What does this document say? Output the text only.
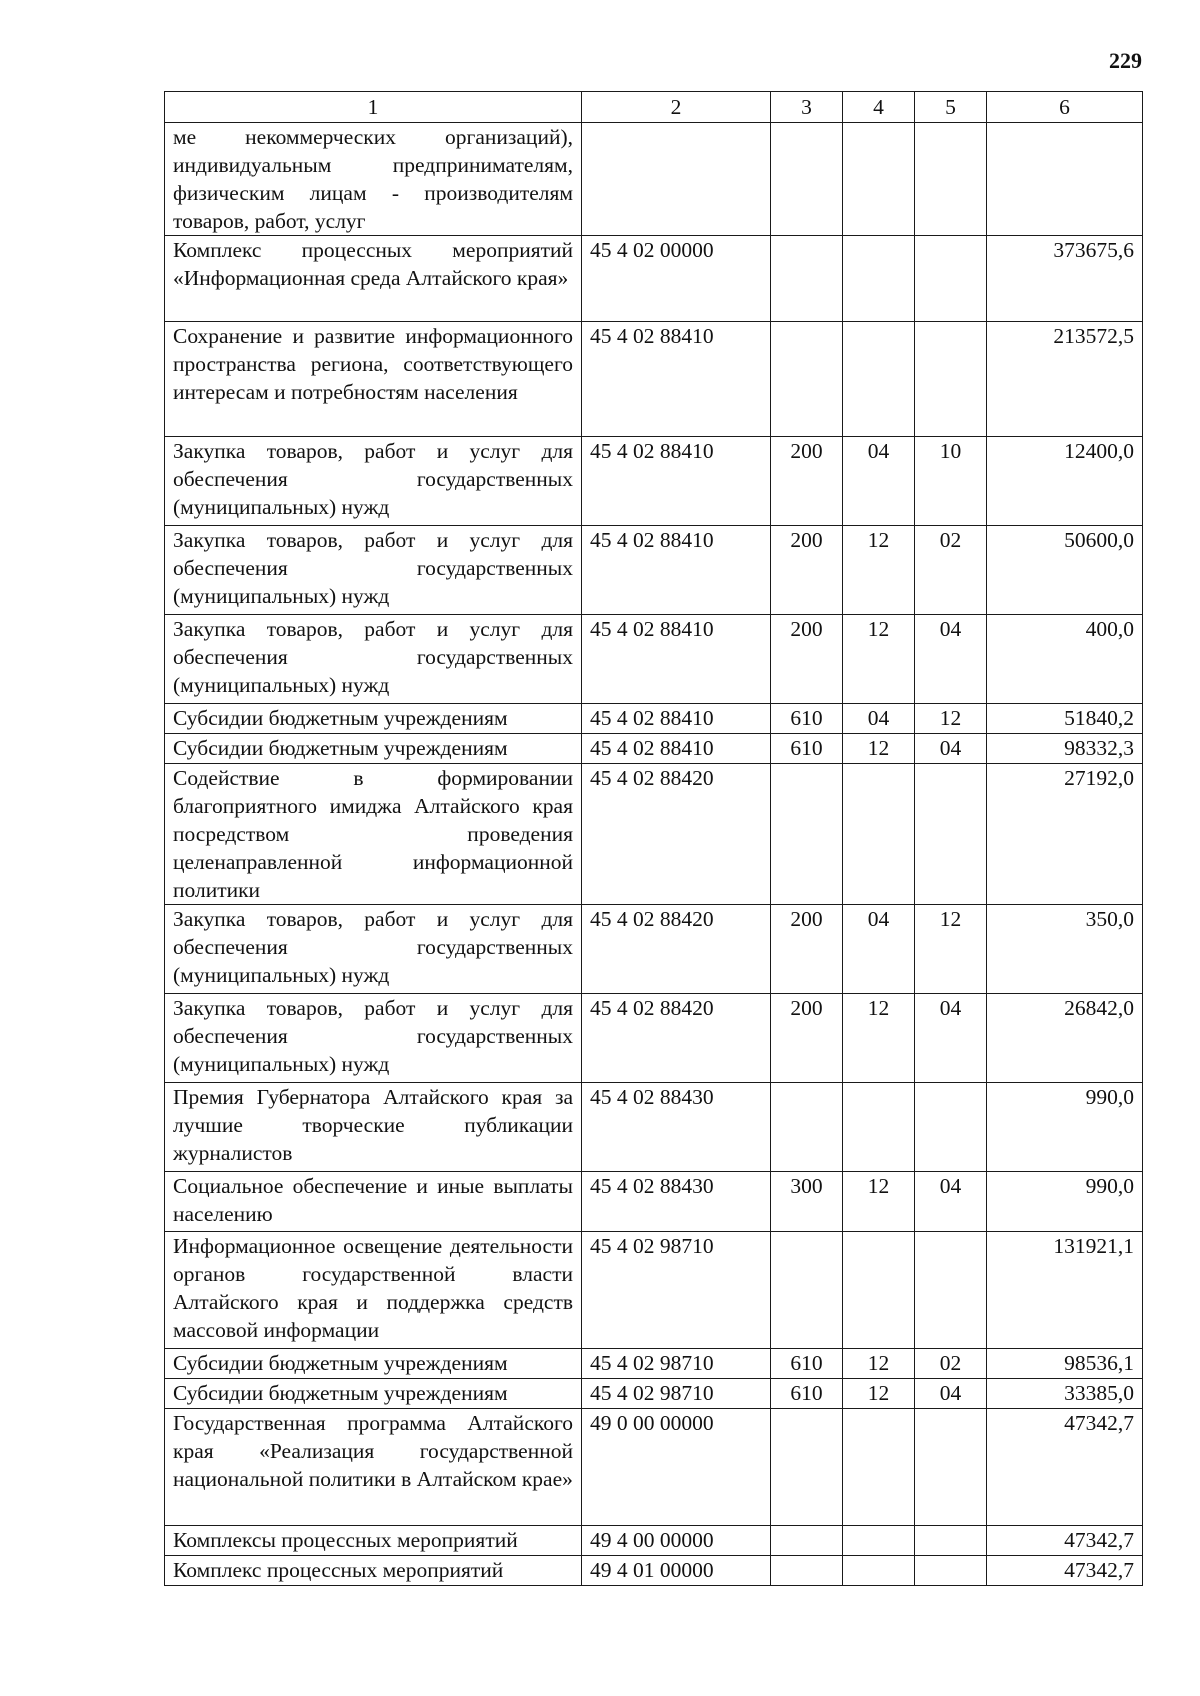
229
1	2	3	4	5	6
ме некоммерческих организаций), индивидуальным предпринимателям, физическим лицам - производителям товаров, работ, услуг					
Комплекс процессных мероприятий «Информационная среда Алтайского края»	45 4 02 00000				373675,6
Сохранение и развитие информационного пространства региона, соответствующего интересам и потребностям населения	45 4 02 88410				213572,5
Закупка товаров, работ и услуг для обеспечения государственных (муниципальных) нужд	45 4 02 88410	200	04	10	12400,0
Закупка товаров, работ и услуг для обеспечения государственных (муниципальных) нужд	45 4 02 88410	200	12	02	50600,0
Закупка товаров, работ и услуг для обеспечения государственных (муниципальных) нужд	45 4 02 88410	200	12	04	400,0
Субсидии бюджетным учреждениям	45 4 02 88410	610	04	12	51840,2
Субсидии бюджетным учреждениям	45 4 02 88410	610	12	04	98332,3
Содействие в формировании благоприятного имиджа Алтайского края посредством проведения целенаправленной информационной политики	45 4 02 88420				27192,0
Закупка товаров, работ и услуг для обеспечения государственных (муниципальных) нужд	45 4 02 88420	200	04	12	350,0
Закупка товаров, работ и услуг для обеспечения государственных (муниципальных) нужд	45 4 02 88420	200	12	04	26842,0
Премия Губернатора Алтайского края за лучшие творческие публикации журналистов	45 4 02 88430				990,0
Социальное обеспечение и иные выплаты населению	45 4 02 88430	300	12	04	990,0
Информационное освещение деятельности органов государственной власти Алтайского края и поддержка средств массовой информации	45 4 02 98710				131921,1
Субсидии бюджетным учреждениям	45 4 02 98710	610	12	02	98536,1
Субсидии бюджетным учреждениям	45 4 02 98710	610	12	04	33385,0
Государственная программа Алтайского края «Реализация государственной национальной политики в Алтайском крае»	49 0 00 00000				47342,7
Комплексы процессных мероприятий	49 4 00 00000				47342,7
Комплекс процессных мероприятий	49 4 01 00000				47342,7
